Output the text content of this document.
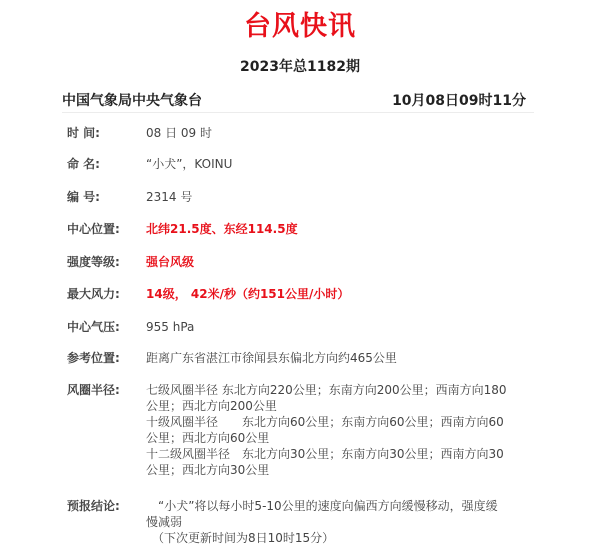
台风快讯
2023年总1182期
中国气象局中央气象台	10月08日09时11分
时 间:	08 日 09 时
命 名:	“小犬”，KOINU
编 号:	2314 号
中心位置:	北纬21.5度、东经114.5度
强度等级:	强台风级
最大风力:	14级， 42米/秒（约151公里/小时）
中心气压:	955 hPa
参考位置:	距离广东省湛江市徐闻县东偏北方向约465公里
风圈半径:	七级风圈半径 东北方向220公里；东南方向200公里；西南方向180
公里；西北方向200公里
十级风圈半径　　东北方向60公里；东南方向60公里；西南方向60
公里；西北方向60公里
十二级风圈半径　东北方向30公里；东南方向30公里；西南方向30
公里；西北方向30公里
预报结论:	　“小犬”将以每小时5-10公里的速度向偏西方向缓慢移动，强度缓
慢减弱
　（下次更新时间为8日10时15分）
